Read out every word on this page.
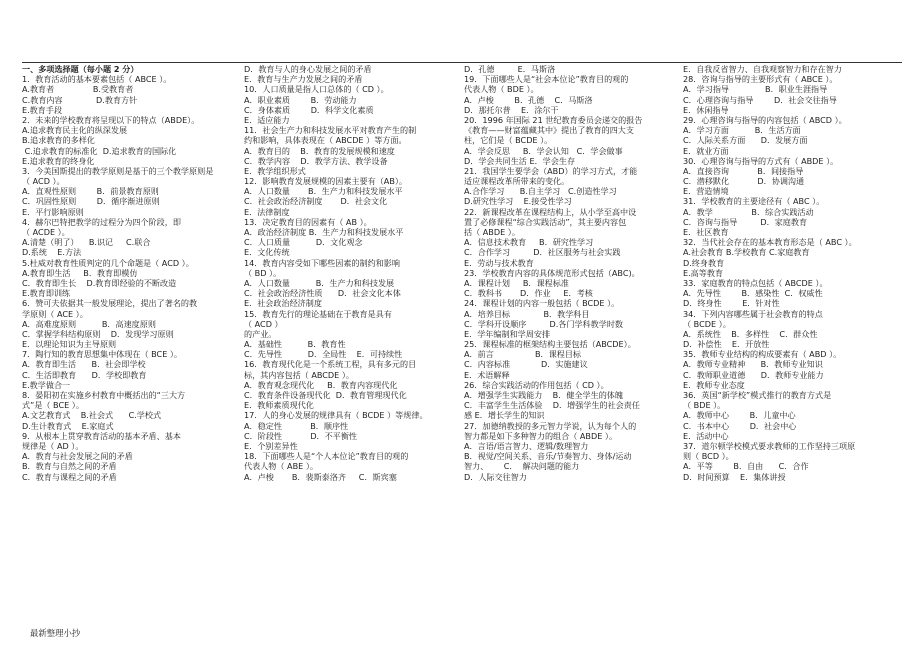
一、多项选择题（每小题 2 分）
1．教育活动的基本要素包括（ ABCE ）。
A.教育者               B.受教育者
C.教育内容             D.教育方针
E.教育手段
2．未来的学校教育将呈现以下的特点（ABDE）。
A.追求教育民主化的纵深发展
B.追求教育的多样化
C.追求教育的标准化  D.追求教育的国际化
E.追求教育的终身化
3．今美国斯提出的教学原则是基于的三个教学原则是
（ ACD ）。
A．直观性原则        B．前景教育原则
C．巩固性原则        D．循序渐进原则
E．平行影响原则
4．赫尔巴特把教学的过程分为四个阶段，即
（ ACDE ）。
A.清楚（明了）    B.识记     C.联合
D.系统    E.方法
5.杜威对教育性质判定的几个命题是（ ACD ）。
A.教育即生活     B．教育即模仿
C．教育即生长    D.教育即经验的不断改造
E.教育即训练
6．赞可夫依据其一般发展理论，提出了著名的教
学原则（ ACE ）。
A．高难度原则          B．高速度原则
C．掌握学科结构原则    D．发现学习原则
E．以理论知识为主导原则
7．陶行知的教育思想集中体现在（ BCE ）。
A．教育即生活      B．社会即学校
C．生活即教育      D．学校即教育
E.教学做合一
8．晏阳初在实施乡村教育中概括出的“三大方
式”是（ BCE ）。
A.文艺教育式    B.社会式      C.学校式
D.生计教育式    E.家庭式
9．从根本上贯穿教育活动的基本矛盾、基本
规律是（ AD ）。
A．教育与社会发展之间的矛盾
B．教育与自然之间的矛盾
C．教育与课程之间的矛盾
D．教育与人的身心发展之间的矛盾
E．教育与生产力发展之间的矛盾
10．人口质量是指人口总体的（ CD ）。
A．职业素质        B．劳动能力
C．身体素质        D．科学文化素质
E．适应能力
11．社会生产力和科技发展水平对教育产生的制
约和影响，具体表现在（ ABCDE ）等方面。
A．教育目的    B．教育的发展规模和速度
C．教学内容    D．教学方法、教学设备
E．教学组织形式
12．影响教育发展规模的因素主要有（AB）。
A．人口数量       B．生产力和科技发展水平
C．社会政治经济制度       D．社会文化
E．法律制度
13．决定教育目的因素有（ AB ）。
A．政治经济制度 B．生产力和科技发展水平
C．人口质量          D．文化观念
E．文化传统
14．教育内容受如下哪些因素的制约和影响
（ BD ）。
A．人口数量          B．生产力和科技发展
C．社会政治经济性质      D．社会文化本体
E．社会政治经济制度
15．教育先行的理论基础在于教育是具有
（ ACD ）
的产业。
A．基础性          B．教育性
C．先导性          D．全局性    E．可持续性
16．教育现代化是一个系统工程，具有多元的目
标，其内容包括（ ABCDE ）。
A．教育观念现代化     B．教育内容现代化
C．教育条件设备现代化  D．教育管理现代化
E．教师素质现代化
17．人的身心发展的规律具有（ BCDE ）等规律。
A．稳定性           B．顺序性
C．阶段性           D．不平衡性
E．个别差异性
18．下面哪些人是“个人本位论”教育目的观的
代表人物（ ABE ）。
A．卢梭       B．裴斯泰洛齐     C．斯宾塞
D．孔德         E．马斯洛
19．下面哪些人是“社会本位论”教育目的观的
代表人物（ BDE ）。
A．卢梭        B．孔德    C．马斯洛
D．那托尔普    E．涂尔干
20．1996 年国际 21 世纪教育委员会递交的报告
《教育——财富蕴藏其中》提出了教育的四大支
柱，它们是（ BCDE ）。
A．学会反思     B．学会认知   C．学会做事
D．学会共同生活 E．学会生存
21．我国学生要学会（ABD）的学习方式，才能
适应课程改革所带来的变化。
A.合作学习      B.自主学习   C.创造性学习
D.研究性学习    E.接受性学习
22．新课程改革在课程结构上，从小学至高中设
置了必修课程“综合实践活动”，其主要内容包
括（ ABDE ）。
A．信息技术教育     B．研究性学习
C．合作学习         D．社区服务与社会实践
E．劳动与技术教育
23．学校教育内容的具体规范形式包括（ABC)。
A．课程计划     B．课程标准
C．教科书       D．作业     E．考核
24．课程计划的内容一般包括（ BCDE ）。
A．培养目标             B．教学科目
C．学科开设顺序         D.各门学科教学时数
E．学年编制和学周安排
25．课程标准的框架结构主要包括（ABCDE）。
A．前言                B．课程目标
C．内容标准            D．实施建议
E．术语解释
26．综合实践活动的作用包括（ CD ）。
A．增强学生实践能力    B．健全学生的体魄
C．丰富学生生活体验    D．增强学生的社会责任
感 E．增长学生的知识
27．加德纳教授的多元智力学说，认为每个人的
智力都是如下多种智力的组合（ ABDE ）。
A．言语/语言智力、逻辑/数理智力
B．视觉/空间关系、音乐/节奏智力、身体/运动
智力、      C．  解决问题的能力
D．人际交往智力
E．自我反省智力、自我观察智力和存在智力
28．咨询与指导的主要形式有（ ABCE ）。
A．学习指导              B．职业生涯指导
C．心理咨询与指导        D．社会交往指导
E．休闲指导
29．心理咨询与指导的内容包括（ ABCD ）。
A．学习方面          B．生活方面
C．人际关系方面      D．发展方面
E．就业方面
30．心理咨询与指导的方式有（ ABDE ）。
A．直接咨询           B．间接指导
C．潜移默化           D．协调沟通
E．营造情境
31．学校教育的主要途径有（ ABC ）。
A．教学               B．综合实践活动
C．咨询与指导         D．家庭教育
E．社区教育
32．当代社会存在的基本教育形态是（ ABC ）。
A.社会教育 B.学校教育 C.家庭教育
D.终身教育
E.高等教育
33．家庭教育的特点包括（ ABCDE ）。
A．先导性        B．感染性  C．权威性
D．终身性        E．针对性
34．下列内容哪些属于社会教育的特点
（ BCDE ）。
A．系统性    B．多样性    C．群众性
D．补偿性    E．开放性
35．教师专业结构的构成要素有（ ABD ）。
A．教师专业精神      B．教师专业知识
C．教师职业道德      D．教师专业能力
E．教师专业态度
36．英国“新学校”模式推行的教育方式是
（ BDE ）。
A．教师中心        B．儿童中心
C．书本中心        D．社会中心
E．活动中心
37．道尔顿学校模式要求教师的工作坚持三项原
则（ BCD ）。
A．平等        B．自由      C．合作
D．时间预算    E．集体讲授
最新整理小抄
